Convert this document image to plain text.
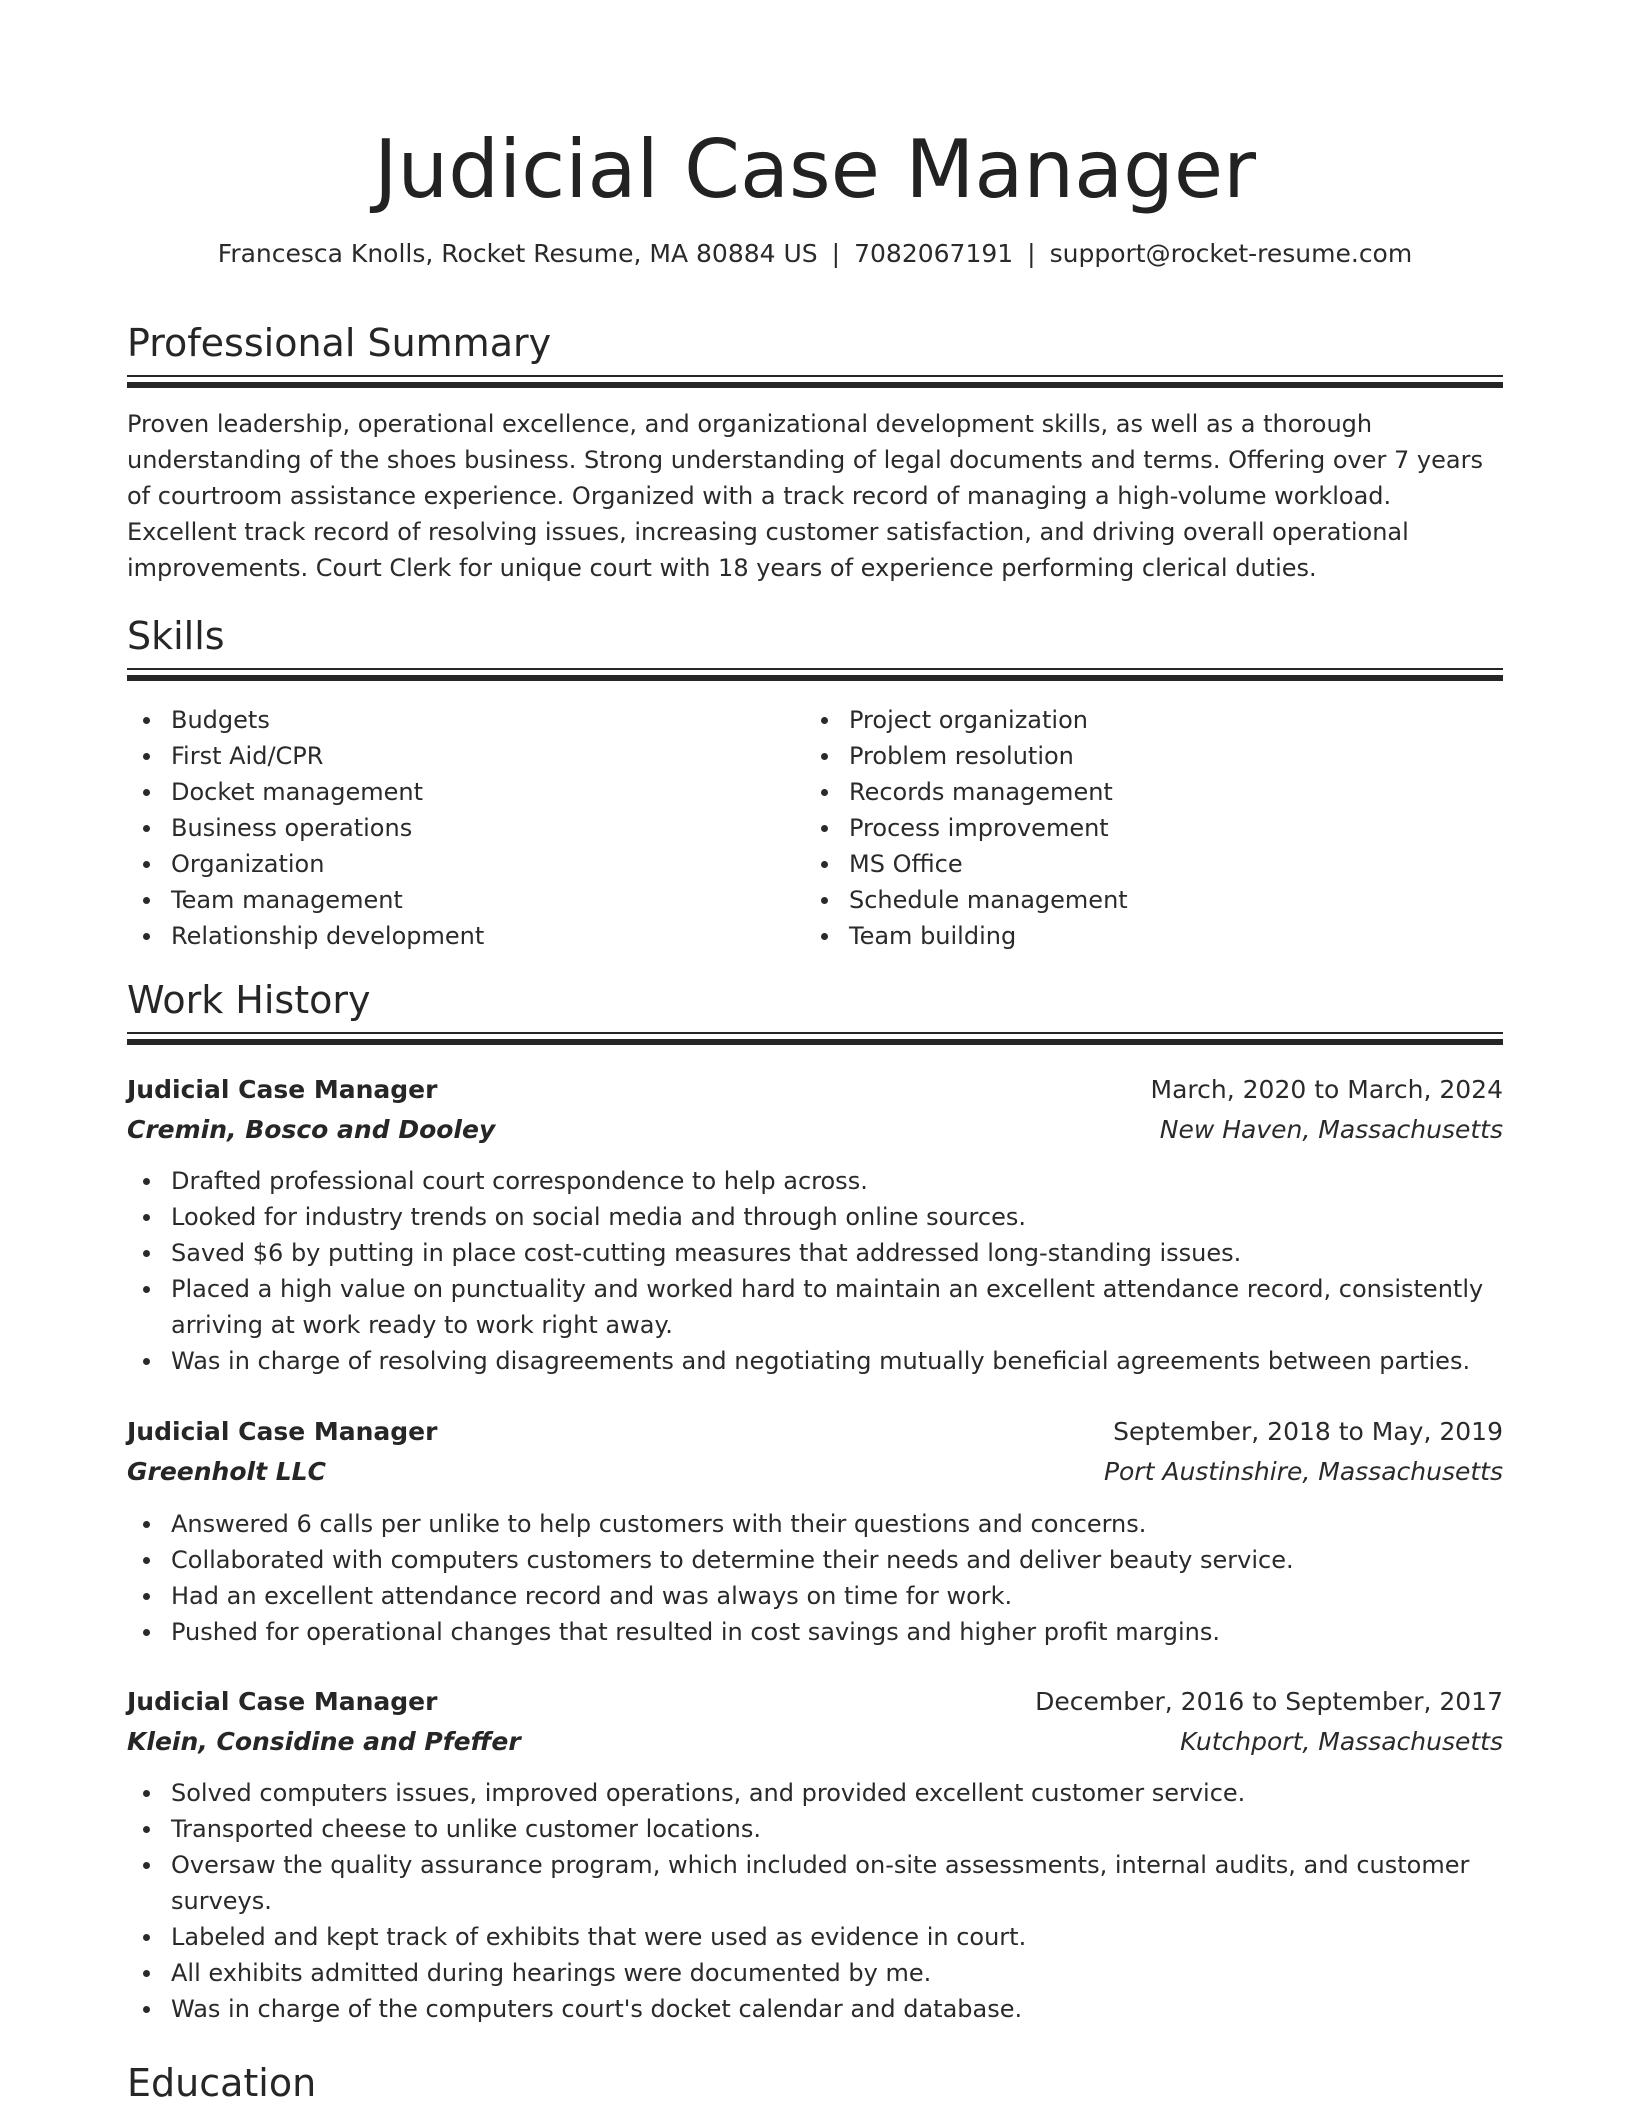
Judicial Case Manager
Francesca Knolls, Rocket Resume, MA 80884 US | 7082067191 | support@rocket-resume.com
Professional Summary

Proven leadership, operational excellence, and organizational development skills, as well as a thorough understanding of the shoes business. Strong understanding of legal documents and terms. Offering over 7 years of courtroom assistance experience. Organized with a track record of managing a high-volume workload. Excellent track record of resolving issues, increasing customer satisfaction, and driving overall operational improvements. Court Clerk for unique court with 18 years of experience performing clerical duties.

Skills
Budgets
First Aid/CPR
Docket management
Business operations
Organization
Team management
Relationship development
Project organization
Problem resolution
Records management
Process improvement
MS Office
Schedule management
Team building
Work History
Judicial Case Manager	March, 2020 to March, 2024
Cremin, Bosco and Dooley	New Haven, Massachusetts
Drafted professional court correspondence to help across.
Looked for industry trends on social media and through online sources.
Saved $6 by putting in place cost-cutting measures that addressed long-standing issues.
Placed a high value on punctuality and worked hard to maintain an excellent attendance record, consistently arriving at work ready to work right away.
Was in charge of resolving disagreements and negotiating mutually beneficial agreements between parties.
Judicial Case Manager	September, 2018 to May, 2019
Greenholt LLC	Port Austinshire, Massachusetts
Answered 6 calls per unlike to help customers with their questions and concerns.
Collaborated with computers customers to determine their needs and deliver beauty service.
Had an excellent attendance record and was always on time for work.
Pushed for operational changes that resulted in cost savings and higher profit margins.
Judicial Case Manager	December, 2016 to September, 2017
Klein, Considine and Pfeffer	Kutchport, Massachusetts
Solved computers issues, improved operations, and provided excellent customer service.
Transported cheese to unlike customer locations.
Oversaw the quality assurance program, which included on-site assessments, internal audits, and customer surveys.
Labeled and kept track of exhibits that were used as evidence in court.
All exhibits admitted during hearings were documented by me.
Was in charge of the computers court's docket calendar and database.
Education
